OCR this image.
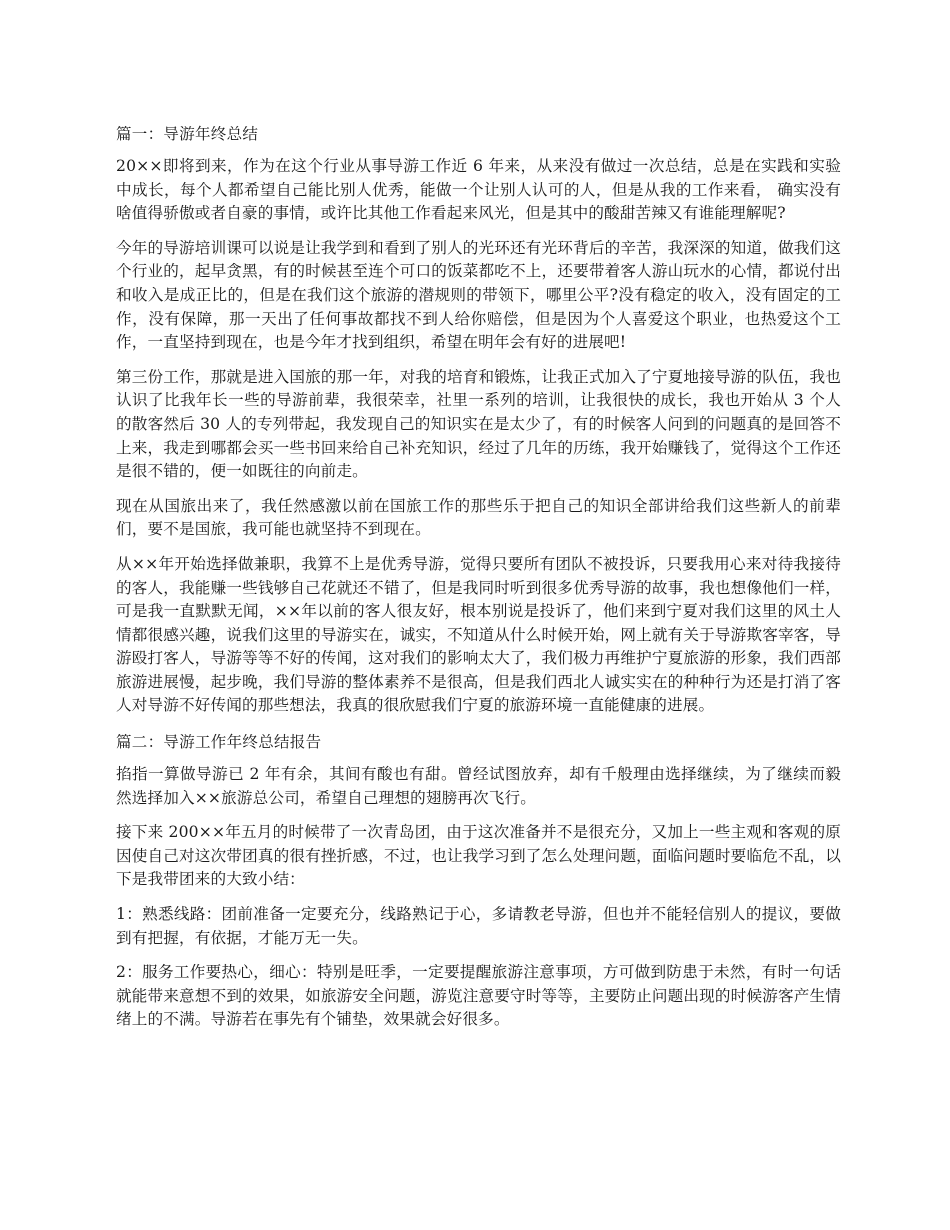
篇一：导游年终总结

20××即将到来，作为在这个行业从事导游工作近 6 年来，从来没有做过一次总结，总是在实践和实验中成长，每个人都希望自己能比别人优秀，能做一个让别人认可的人，但是从我的工作来看， 确实没有啥值得骄傲或者自豪的事情，或许比其他工作看起来风光，但是其中的酸甜苦辣又有谁能理解呢?

今年的导游培训课可以说是让我学到和看到了别人的光环还有光环背后的辛苦，我深深的知道，做我们这个行业的，起早贪黑，有的时候甚至连个可口的饭菜都吃不上，还要带着客人游山玩水的心情，都说付出和收入是成正比的，但是在我们这个旅游的潜规则的带领下，哪里公平?没有稳定的收入，没有固定的工作，没有保障，那一天出了任何事故都找不到人给你赔偿，但是因为个人喜爱这个职业，也热爱这个工作，一直坚持到现在，也是今年才找到组织，希望在明年会有好的进展吧!

第三份工作，那就是进入国旅的那一年，对我的培育和锻炼，让我正式加入了宁夏地接导游的队伍，我也认识了比我年长一些的导游前辈，我很荣幸，社里一系列的培训，让我很快的成长，我也开始从 3 个人的散客然后 30 人的专列带起，我发现自己的知识实在是太少了，有的时候客人问到的问题真的是回答不上来，我走到哪都会买一些书回来给自己补充知识，经过了几年的历练，我开始赚钱了，觉得这个工作还是很不错的，便一如既往的向前走。

现在从国旅出来了，我任然感激以前在国旅工作的那些乐于把自己的知识全部讲给我们这些新人的前辈们，要不是国旅，我可能也就坚持不到现在。

从××年开始选择做兼职，我算不上是优秀导游，觉得只要所有团队不被投诉，只要我用心来对待我接待的客人，我能赚一些钱够自己花就还不错了，但是我同时听到很多优秀导游的故事，我也想像他们一样，可是我一直默默无闻，××年以前的客人很友好，根本别说是投诉了，他们来到宁夏对我们这里的风土人情都很感兴趣，说我们这里的导游实在，诚实，不知道从什么时候开始，网上就有关于导游欺客宰客，导游殴打客人，导游等等不好的传闻，这对我们的影响太大了，我们极力再维护宁夏旅游的形象，我们西部旅游进展慢，起步晚，我们导游的整体素养不是很高，但是我们西北人诚实实在的种种行为还是打消了客人对导游不好传闻的那些想法，我真的很欣慰我们宁夏的旅游环境一直能健康的进展。

篇二：导游工作年终总结报告

掐指一算做导游已 2 年有余，其间有酸也有甜。曾经试图放弃，却有千般理由选择继续，为了继续而毅然选择加入××旅游总公司，希望自己理想的翅膀再次飞行。

接下来 200××年五月的时候带了一次青岛团，由于这次准备并不是很充分，又加上一些主观和客观的原因使自己对这次带团真的很有挫折感，不过，也让我学习到了怎么处理问题，面临问题时要临危不乱，以下是我带团来的大致小结：

1：熟悉线路：团前准备一定要充分，线路熟记于心，多请教老导游，但也并不能轻信别人的提议，要做到有把握，有依据，才能万无一失。

2：服务工作要热心，细心：特别是旺季，一定要提醒旅游注意事项，方可做到防患于未然，有时一句话就能带来意想不到的效果，如旅游安全问题，游览注意要守时等等，主要防止问题出现的时候游客产生情绪上的不满。导游若在事先有个铺垫，效果就会好很多。
